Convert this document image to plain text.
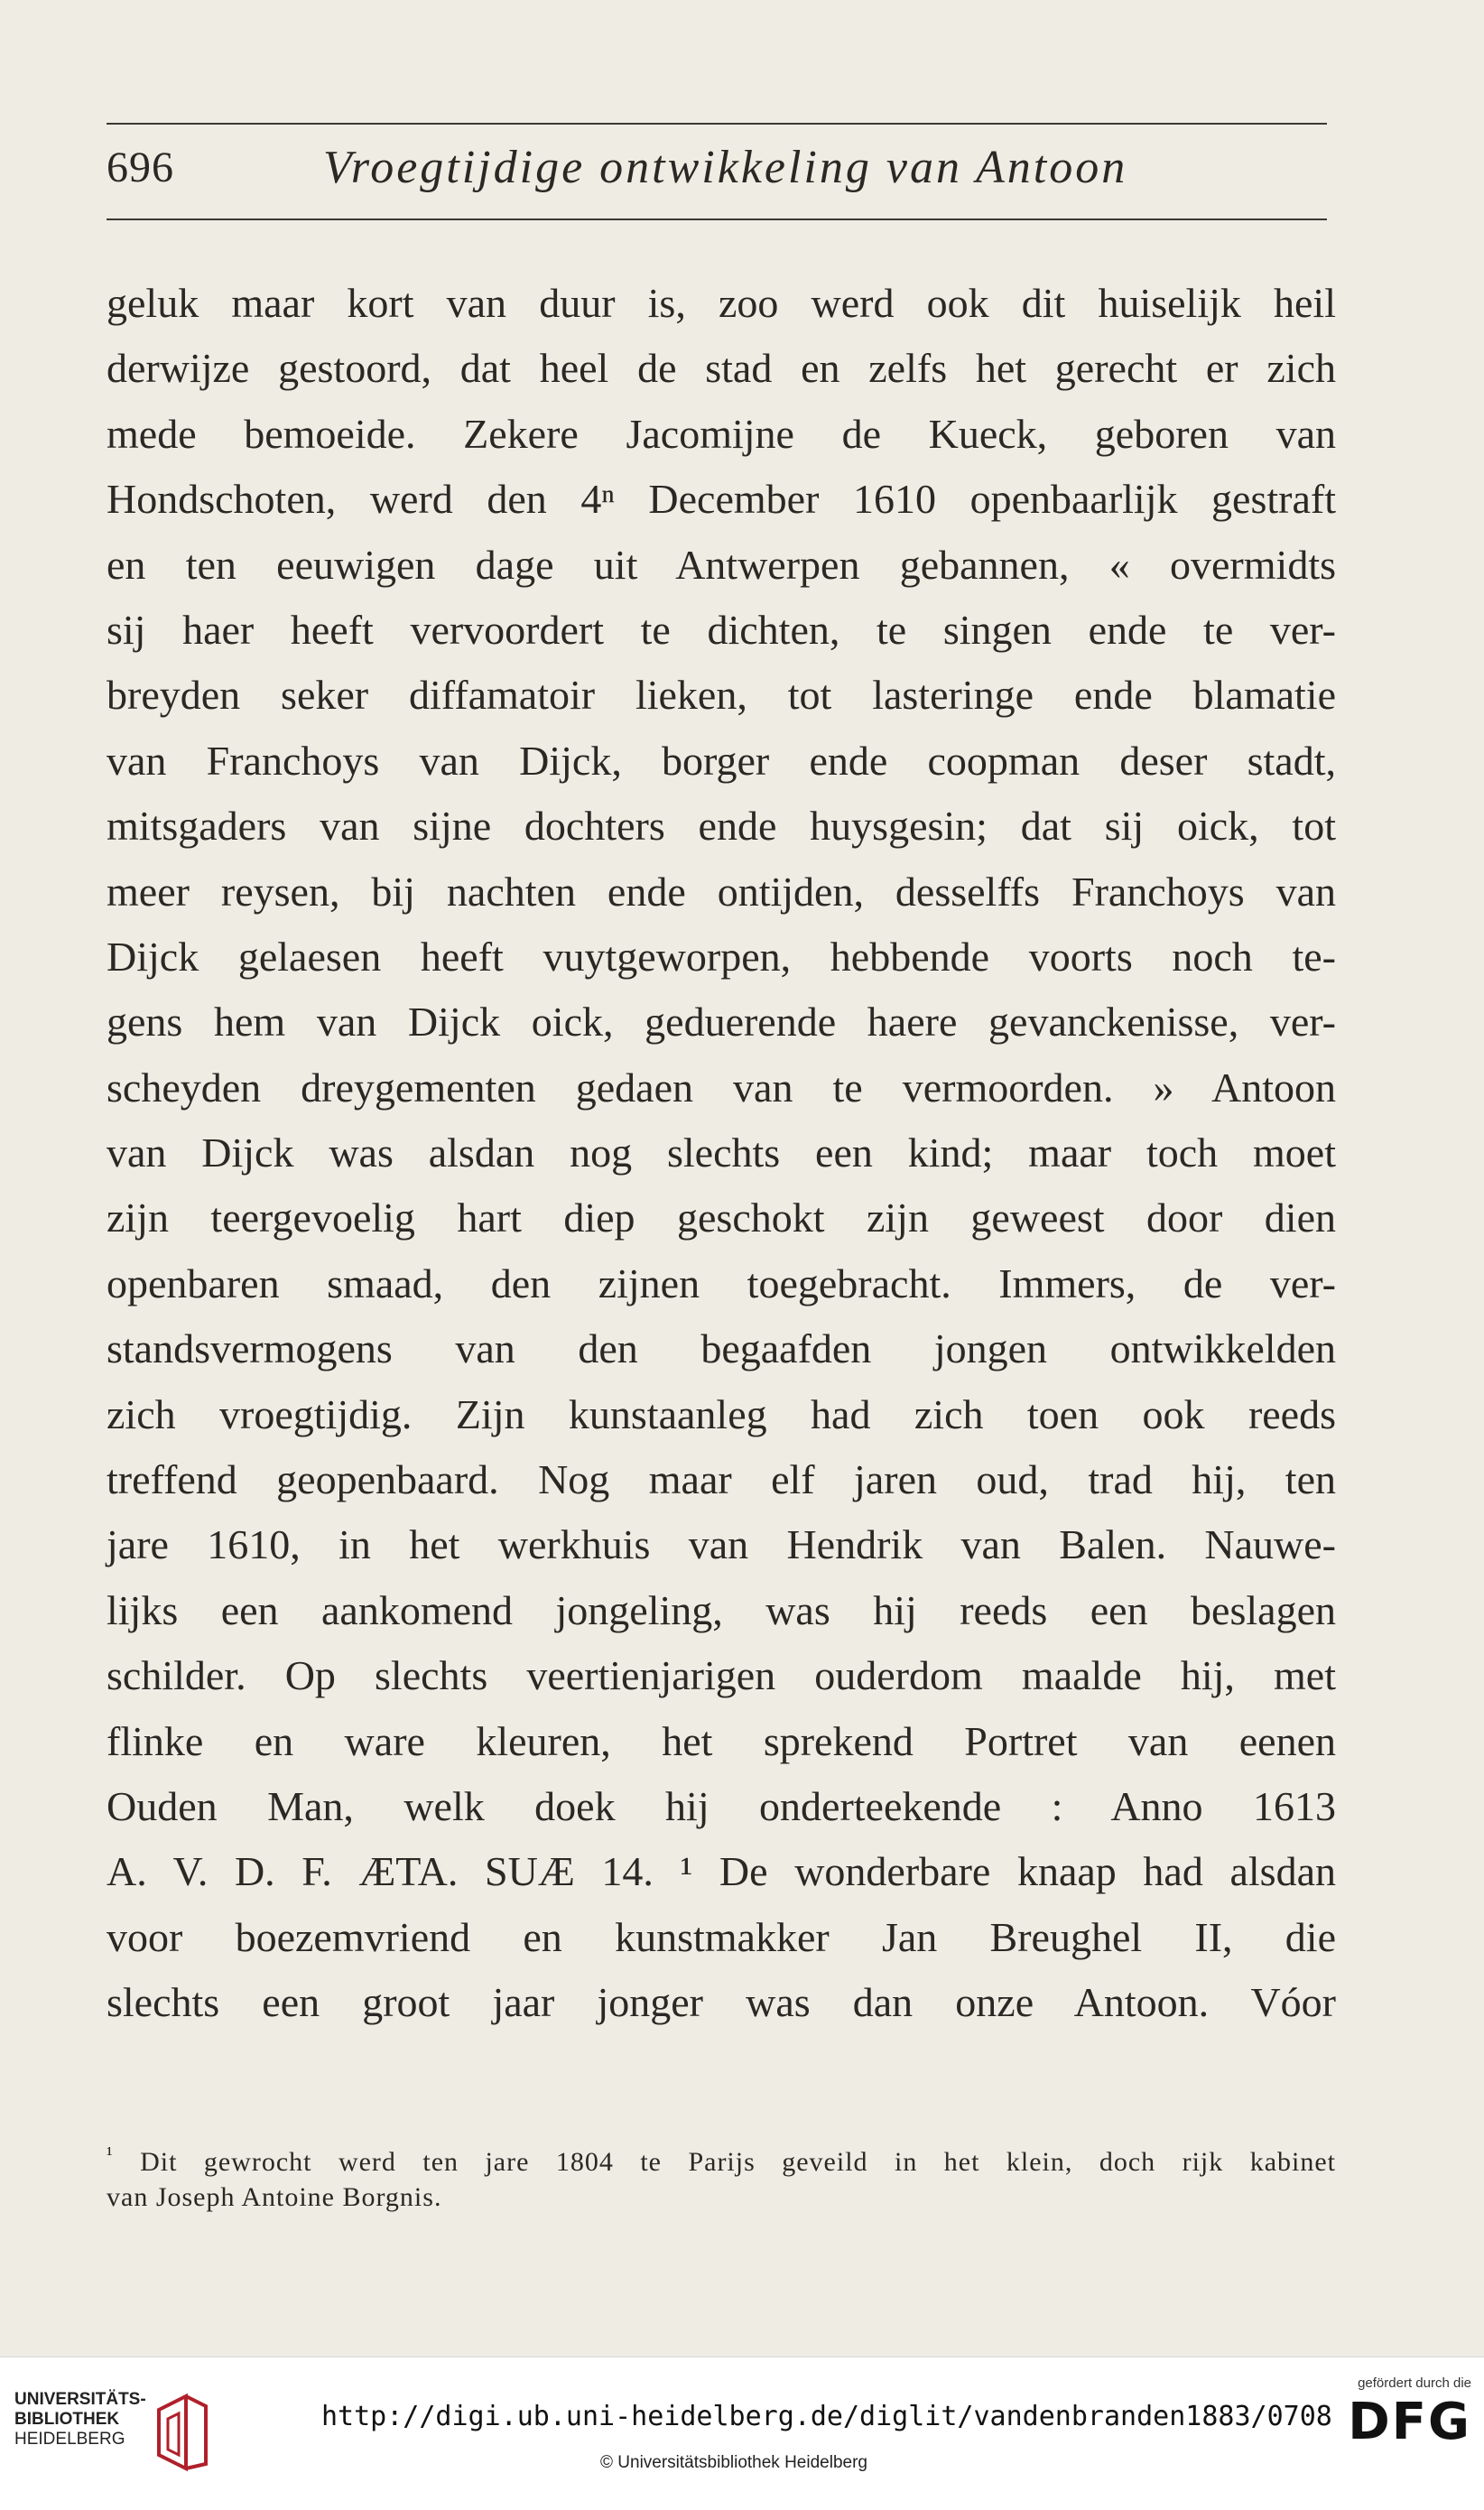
696	Vroegtijdige ontwikkeling van Antoon
geluk maar kort van duur is, zoo werd ook dit huiselijk heil
derwijze gestoord, dat heel de stad en zelfs het gerecht er zich
mede bemoeide. Zekere Jacomijne de Kueck, geboren van
Hondschoten, werd den 4ⁿ December 1610 openbaarlijk gestraft
en ten eeuwigen dage uit Antwerpen gebannen, « overmidts
sij haer heeft vervoordert te dichten, te singen ende te ver-
breyden seker diffamatoir lieken, tot lasteringe ende blamatie
van Franchoys van Dijck, borger ende coopman deser stadt,
mitsgaders van sijne dochters ende huysgesin; dat sij oick, tot
meer reysen, bij nachten ende ontijden, desselffs Franchoys van
Dijck gelaesen heeft vuytgeworpen, hebbende voorts noch te-
gens hem van Dijck oick, geduerende haere gevanckenisse, ver-
scheyden dreygementen gedaen van te vermoorden. » Antoon
van Dijck was alsdan nog slechts een kind; maar toch moet
zijn teergevoelig hart diep geschokt zijn geweest door dien
openbaren smaad, den zijnen toegebracht. Immers, de ver-
standsvermogens van den begaafden jongen ontwikkelden
zich vroegtijdig. Zijn kunstaanleg had zich toen ook reeds
treffend geopenbaard. Nog maar elf jaren oud, trad hij, ten
jare 1610, in het werkhuis van Hendrik van Balen. Nauwe-
lijks een aankomend jongeling, was hij reeds een beslagen
schilder. Op slechts veertienjarigen ouderdom maalde hij, met
flinke en ware kleuren, het sprekend Portret van eenen
Ouden Man, welk doek hij onderteekende : Anno 1613
A. V. D. F. ÆTA. SUÆ 14. ¹ De wonderbare knaap had alsdan
voor boezemvriend en kunstmakker Jan Breughel II, die
slechts een groot jaar jonger was dan onze Antoon. Vóor
$^{^1}$ Dit gewrocht werd ten jare 1804 te Parijs geveild in het klein, doch rijk kabinet
van Joseph Antoine Borgnis.
UNIVERSITÄTS-
BIBLIOTHEK
HEIDELBERG
http://digi.ub.uni-heidelberg.de/diglit/vandenbranden1883/0708
© Universitätsbibliothek Heidelberg
gefördert durch die
DFG
